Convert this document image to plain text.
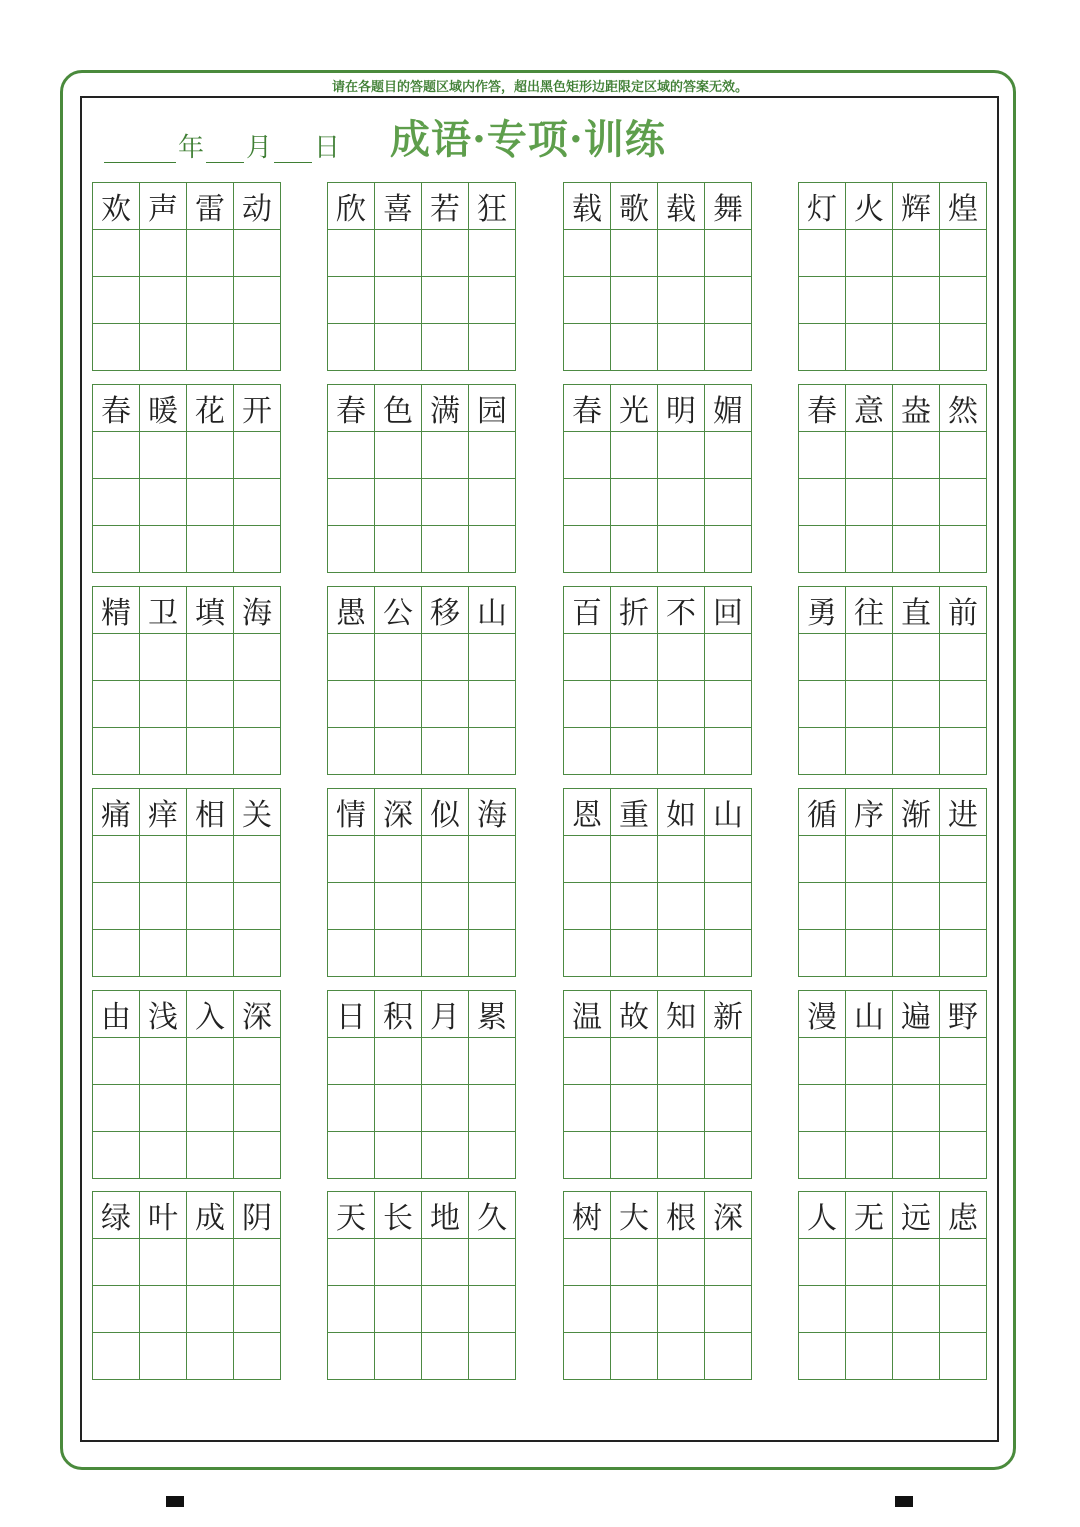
请在各题目的答题区域内作答，超出黑色矩形边距限定区域的答案无效。
年 月 日 成语·专项·训练
欢 声 雷 动	欣 喜 若 狂	载 歌 载 舞	灯 火 辉 煌
春 暖 花 开	春 色 满 园	春 光 明 媚	春 意 盎 然
精 卫 填 海	愚 公 移 山	百 折 不 回	勇 往 直 前
痛 痒 相 关	情 深 似 海	恩 重 如 山	循 序 渐 进
由 浅 入 深	日 积 月 累	温 故 知 新	漫 山 遍 野
绿 叶 成 阴	天 长 地 久	树 大 根 深	人 无 远 虑
